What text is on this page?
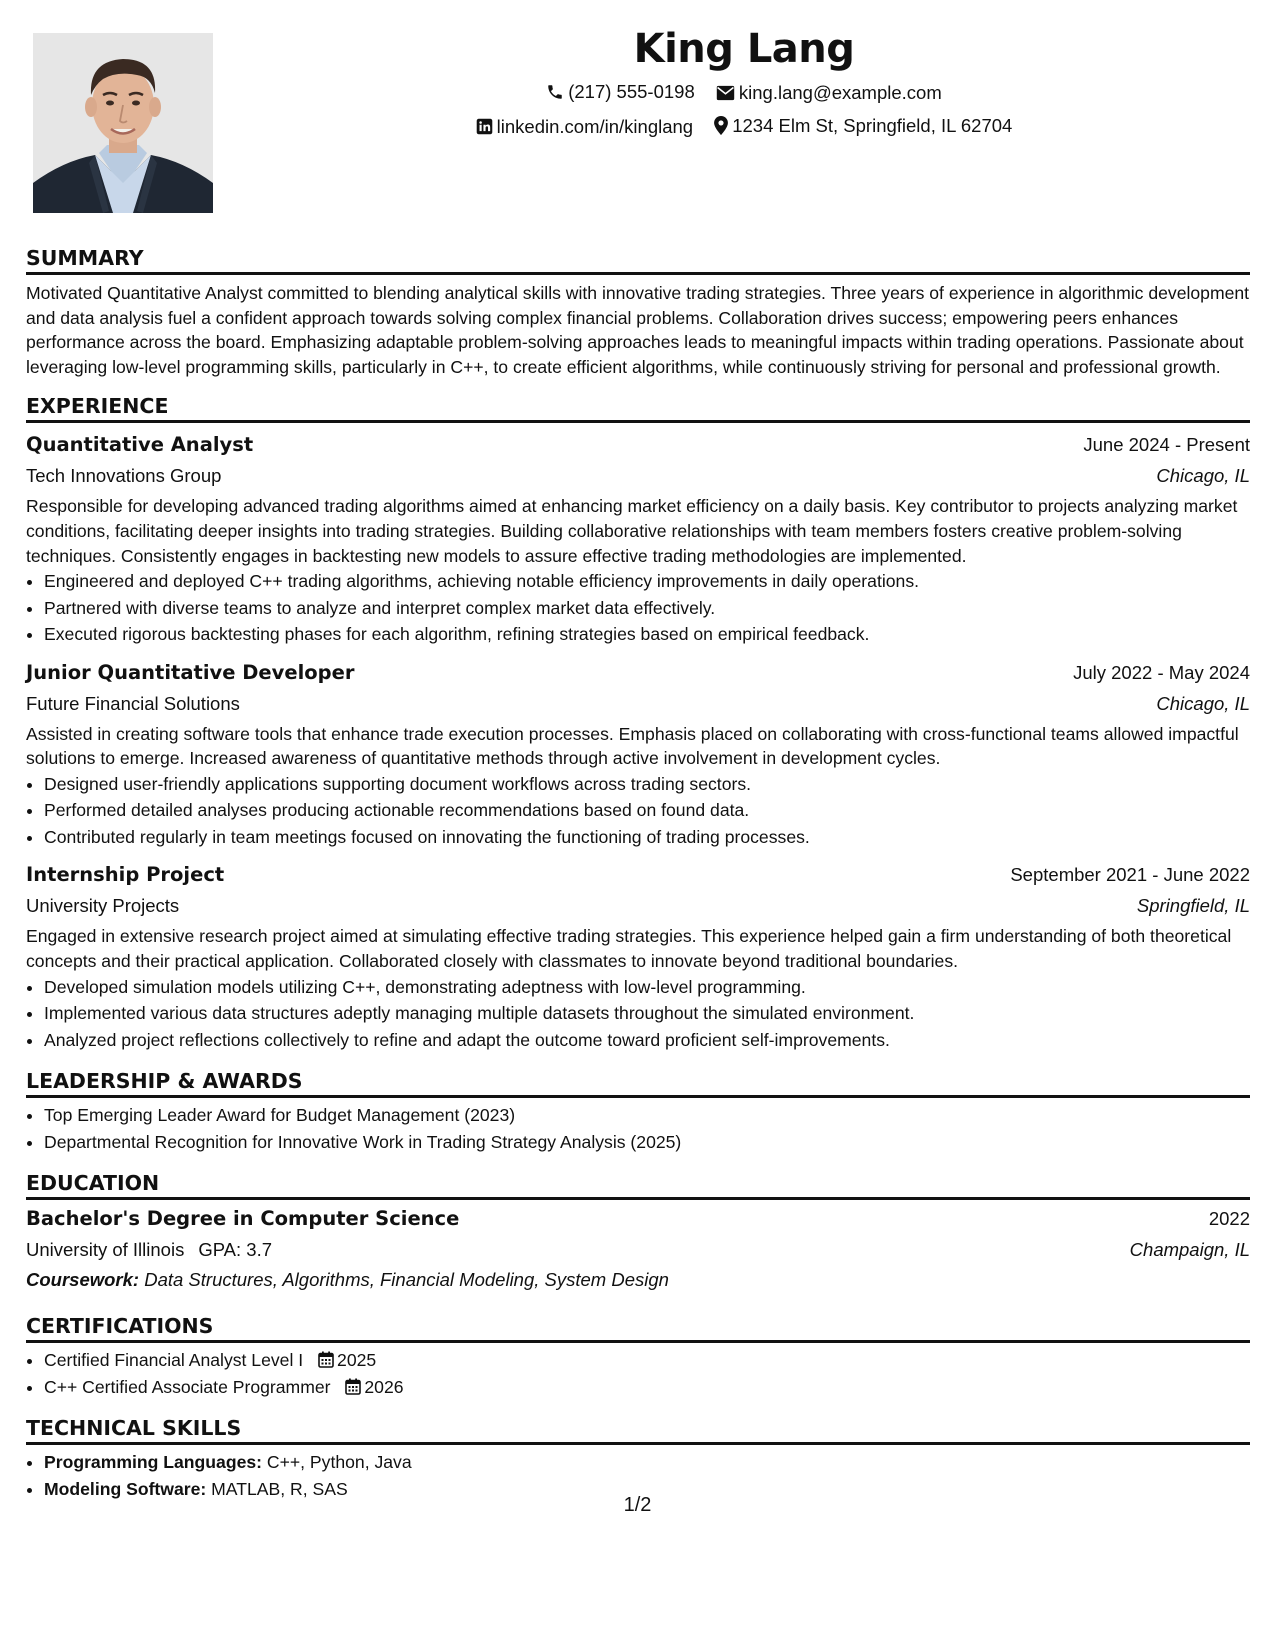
King Lang
(217) 555-0198
king.lang@example.com
linkedin.com/in/kinglang
1234 Elm St, Springfield, IL 62704
SUMMARY

Motivated Quantitative Analyst committed to blending analytical skills with innovative trading strategies. Three years of experience in algorithmic development and data analysis fuel a confident approach towards solving complex financial problems. Collaboration drives success; empowering peers enhances performance across the board. Emphasizing adaptable problem-solving approaches leads to meaningful impacts within trading operations. Passionate about leveraging low-level programming skills, particularly in C++, to create efficient algorithms, while continuously striving for personal and professional growth.

EXPERIENCE
Quantitative Analyst	June 2024 - Present
Tech Innovations Group	Chicago, IL

Responsible for developing advanced trading algorithms aimed at enhancing market efficiency on a daily basis. Key contributor to projects analyzing market conditions, facilitating deeper insights into trading strategies. Building collaborative relationships with team members fosters creative problem-solving techniques. Consistently engages in backtesting new models to assure effective trading methodologies are implemented.

• Engineered and deployed C++ trading algorithms, achieving notable efficiency improvements in daily operations.
• Partnered with diverse teams to analyze and interpret complex market data effectively.
• Executed rigorous backtesting phases for each algorithm, refining strategies based on empirical feedback.
Junior Quantitative Developer	July 2022 - May 2024
Future Financial Solutions	Chicago, IL

Assisted in creating software tools that enhance trade execution processes. Emphasis placed on collaborating with cross-functional teams allowed impactful solutions to emerge. Increased awareness of quantitative methods through active involvement in development cycles.

• Designed user-friendly applications supporting document workflows across trading sectors.
• Performed detailed analyses producing actionable recommendations based on found data.
• Contributed regularly in team meetings focused on innovating the functioning of trading processes.
Internship Project	September 2021 - June 2022
University Projects	Springfield, IL

Engaged in extensive research project aimed at simulating effective trading strategies. This experience helped gain a firm understanding of both theoretical concepts and their practical application. Collaborated closely with classmates to innovate beyond traditional boundaries.

• Developed simulation models utilizing C++, demonstrating adeptness with low-level programming.
• Implemented various data structures adeptly managing multiple datasets throughout the simulated environment.
• Analyzed project reflections collectively to refine and adapt the outcome toward proficient self-improvements.
LEADERSHIP & AWARDS
• Top Emerging Leader Award for Budget Management (2023)
• Departmental Recognition for Innovative Work in Trading Strategy Analysis (2025)
EDUCATION
Bachelor's Degree in Computer Science	2022
University of Illinois GPA: 3.7	Champaign, IL
Coursework: Data Structures, Algorithms, Financial Modeling, System Design
CERTIFICATIONS
• Certified Financial Analyst Level I 2025
• C++ Certified Associate Programmer 2026
TECHNICAL SKILLS
• Programming Languages: C++, Python, Java
• Modeling Software: MATLAB, R, SAS
1/2
